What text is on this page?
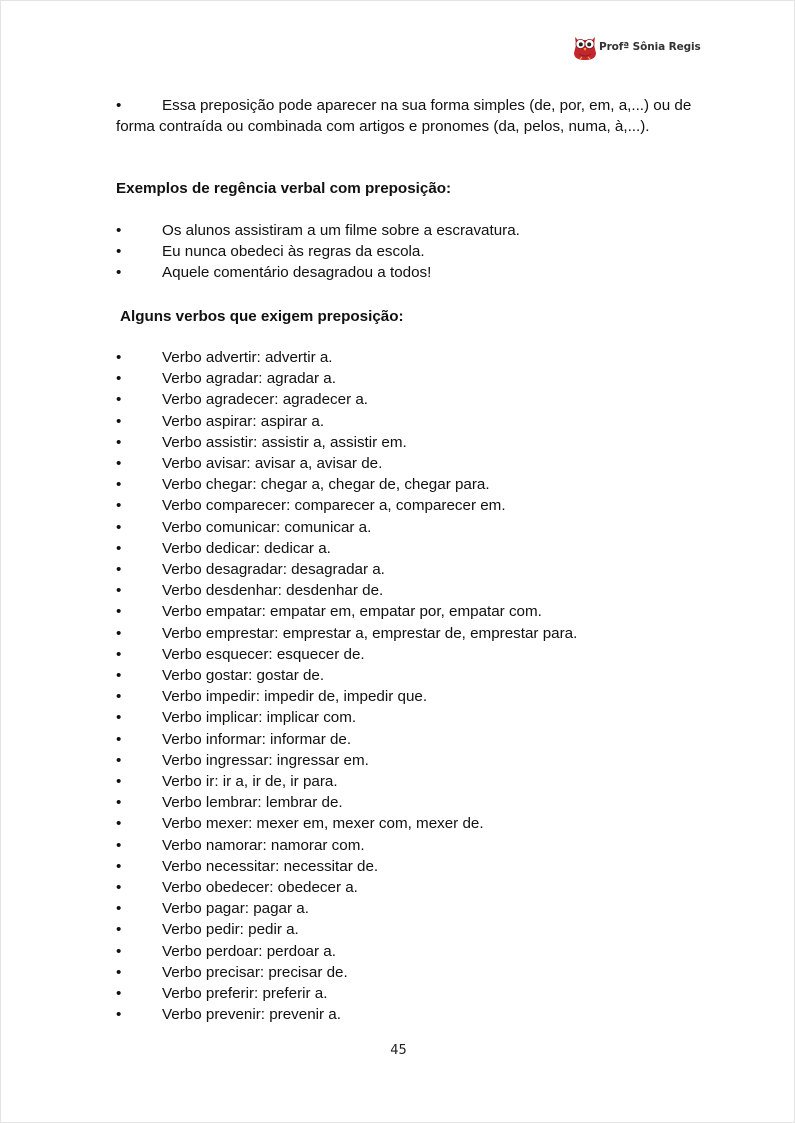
Profª Sônia Regis
•	Essa preposição pode aparecer na sua forma simples (de, por, em, a,...) ou de forma contraída ou combinada com artigos e pronomes (da, pelos, numa, à,...).
Exemplos de regência verbal com preposição:
•	Os alunos assistiram a um filme sobre a escravatura.
•	Eu nunca obedeci às regras da escola.
•	Aquele comentário desagradou a todos!
Alguns verbos que exigem preposição:
•	Verbo advertir: advertir a.
•	Verbo agradar: agradar a.
•	Verbo agradecer: agradecer a.
•	Verbo aspirar: aspirar a.
•	Verbo assistir: assistir a, assistir em.
•	Verbo avisar: avisar a, avisar de.
•	Verbo chegar: chegar a, chegar de, chegar para.
•	Verbo comparecer: comparecer a, comparecer em.
•	Verbo comunicar: comunicar a.
•	Verbo dedicar: dedicar a.
•	Verbo desagradar: desagradar a.
•	Verbo desdenhar: desdenhar de.
•	Verbo empatar: empatar em, empatar por, empatar com.
•	Verbo emprestar: emprestar a, emprestar de, emprestar para.
•	Verbo esquecer: esquecer de.
•	Verbo gostar: gostar de.
•	Verbo impedir: impedir de, impedir que.
•	Verbo implicar: implicar com.
•	Verbo informar: informar de.
•	Verbo ingressar: ingressar em.
•	Verbo ir: ir a, ir de, ir para.
•	Verbo lembrar: lembrar de.
•	Verbo mexer: mexer em, mexer com, mexer de.
•	Verbo namorar: namorar com.
•	Verbo necessitar: necessitar de.
•	Verbo obedecer: obedecer a.
•	Verbo pagar: pagar a.
•	Verbo pedir: pedir a.
•	Verbo perdoar: perdoar a.
•	Verbo precisar: precisar de.
•	Verbo preferir: preferir a.
•	Verbo prevenir: prevenir a.
45
